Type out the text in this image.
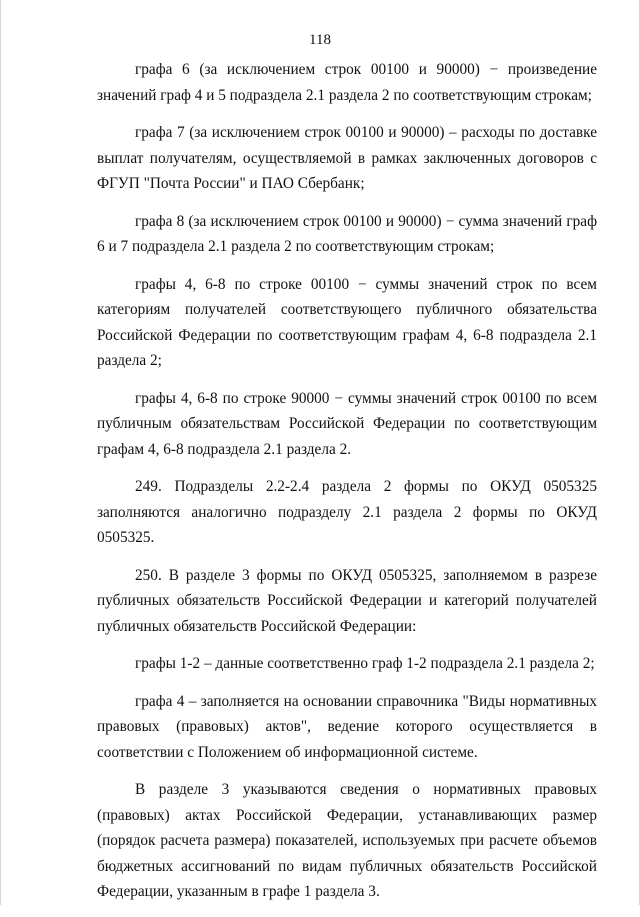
118

графа 6 (за исключением строк 00100 и 90000) − произведение значений граф 4 и 5 подраздела 2.1 раздела 2 по соответствующим строкам;

графа 7 (за исключением строк 00100 и 90000) – расходы по доставке выплат получателям, осуществляемой в рамках заключенных договоров с ФГУП "Почта России" и ПАО Сбербанк;

графа 8 (за исключением строк 00100 и 90000) − сумма значений граф 6 и 7 подраздела 2.1 раздела 2 по соответствующим строкам;

графы 4, 6-8 по строке 00100 − суммы значений строк по всем категориям получателей соответствующего публичного обязательства Российской Федерации по соответствующим графам 4, 6-8 подраздела 2.1 раздела 2;

графы 4, 6-8 по строке 90000 − суммы значений строк 00100 по всем публичным обязательствам Российской Федерации по соответствующим графам 4, 6-8 подраздела 2.1 раздела 2.

249. Подразделы 2.2-2.4 раздела 2 формы по ОКУД 0505325 заполняются аналогично подразделу 2.1 раздела 2 формы по ОКУД 0505325.

250. В разделе 3 формы по ОКУД 0505325, заполняемом в разрезе публичных обязательств Российской Федерации и категорий получателей публичных обязательств Российской Федерации:

графы 1-2 – данные соответственно граф 1-2 подраздела 2.1 раздела 2;

графа 4 – заполняется на основании справочника "Виды нормативных правовых (правовых) актов", ведение которого осуществляется в соответствии с Положением об информационной системе.

В разделе 3 указываются сведения о нормативных правовых (правовых) актах Российской Федерации, устанавливающих размер (порядок расчета размера) показателей, используемых при расчете объемов бюджетных ассигнований по видам публичных обязательств Российской Федерации, указанным в графе 1 раздела 3.
